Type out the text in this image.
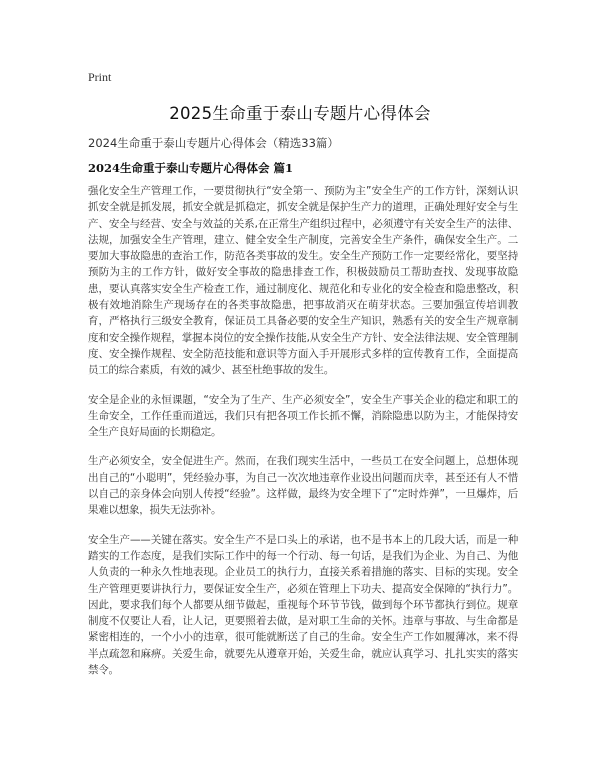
Print
2025生命重于泰山专题片心得体会
2024生命重于泰山专题片心得体会（精选33篇）
2024生命重于泰山专题片心得体会 篇1

强化安全生产管理工作，一要贯彻执行“安全第一、预防为主”安全生产的工作方针，深刻认识抓安全就是抓发展，抓安全就是抓稳定，抓安全就是保护生产力的道理，正确处理好安全与生产、安全与经营、安全与效益的关系,在正常生产组织过程中，必须遵守有关安全生产的法律、法规，加强安全生产管理，建立、健全安全生产制度，完善安全生产条件，确保安全生产。二要加大事故隐患的查治工作，防范各类事故的发生。安全生产预防工作一定要经常化，要坚持预防为主的工作方针，做好安全事故的隐患排查工作，积极鼓励员工帮助查找、发现事故隐患，要认真落实安全生产检查工作，通过制度化、规范化和专业化的安全检查和隐患整改，积极有效地消除生产现场存在的各类事故隐患，把事故消灭在萌芽状态。三要加强宣传培训教育，严格执行三级安全教育，保证员工具备必要的安全生产知识，熟悉有关的安全生产规章制度和安全操作规程，掌握本岗位的安全操作技能,从安全生产方针、安全法律法规、安全管理制度、安全操作规程、安全防范技能和意识等方面入手开展形式多样的宣传教育工作，全面提高员工的综合素质，有效的减少、甚至杜绝事故的发生。

安全是企业的永恒课题，“安全为了生产、生产必须安全”，安全生产事关企业的稳定和职工的生命安全，工作任重而道远，我们只有把各项工作长抓不懈，消除隐患以防为主，才能保持安全生产良好局面的长期稳定。

生产必须安全，安全促进生产。然而，在我们现实生活中，一些员工在安全问题上，总想体现出自己的“小聪明”，凭经验办事，为自己一次次地违章作业设出问题而庆幸，甚至还有人不惜以自己的亲身体会向别人传授“经验”。这样做，最终为安全埋下了“定时炸弹”，一旦爆炸，后果难以想象，损失无法弥补。

安全生产——关键在落实。安全生产不是口头上的承诺，也不是书本上的几段大话，而是一种踏实的工作态度，是我们实际工作中的每一个行动、每一句话，是我们为企业、为自己、为他人负责的一种永久性地表现。企业员工的执行力，直接关系着措施的落实、目标的实现。安全生产管理更要讲执行力，要保证安全生产，必须在管理上下功夫、提高安全保障的“执行力”。因此，要求我们每个人都要从细节做起，重视每个环节节钱，做到每个环节都执行到位。规章制度不仅要让人看，让人记，更要照着去做，是对职工生命的关怀。违章与事故、与生命都是紧密相连的，一个小小的违章，很可能就断送了自己的生命。安全生产工作如履薄冰，来不得半点疏忽和麻痹。关爱生命，就要先从遵章开始，关爱生命，就应认真学习、扎扎实实的落实禁令。
